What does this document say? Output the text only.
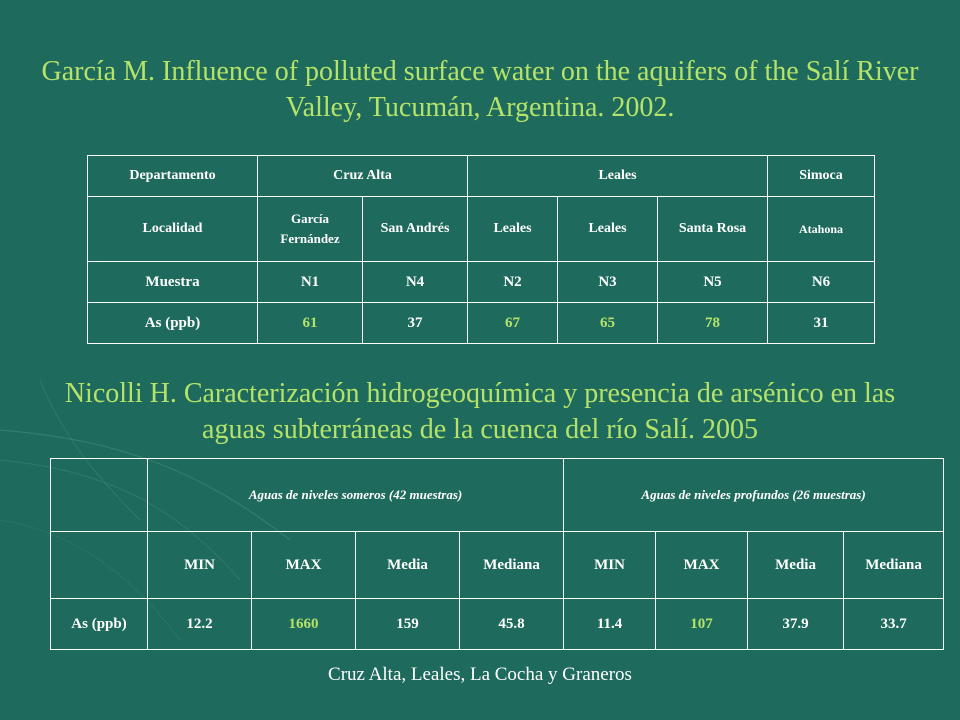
García M. Influence of polluted surface water on the aquifers of the Salí River Valley, Tucumán, Argentina. 2002.
Departamento	Cruz Alta		Leales			Simoca
Localidad	García Fernández	San Andrés	Leales	Leales	Santa Rosa	Atahona
Muestra	N1	N4	N2	N3	N5	N6
As (ppb)	61	37	67	65	78	31
Nicolli H. Caracterización hidrogeoquímica y presencia de arsénico en las aguas subterráneas de la cuenca del río Salí. 2005
	Aguas de niveles someros (42 muestras)				Aguas de niveles profundos (26 muestras)			
	MIN	MAX	Media	Mediana	MIN	MAX	Media	Mediana
As (ppb)	12.2	1660	159	45.8	11.4	107	37.9	33.7
Cruz Alta, Leales, La Cocha y Graneros
